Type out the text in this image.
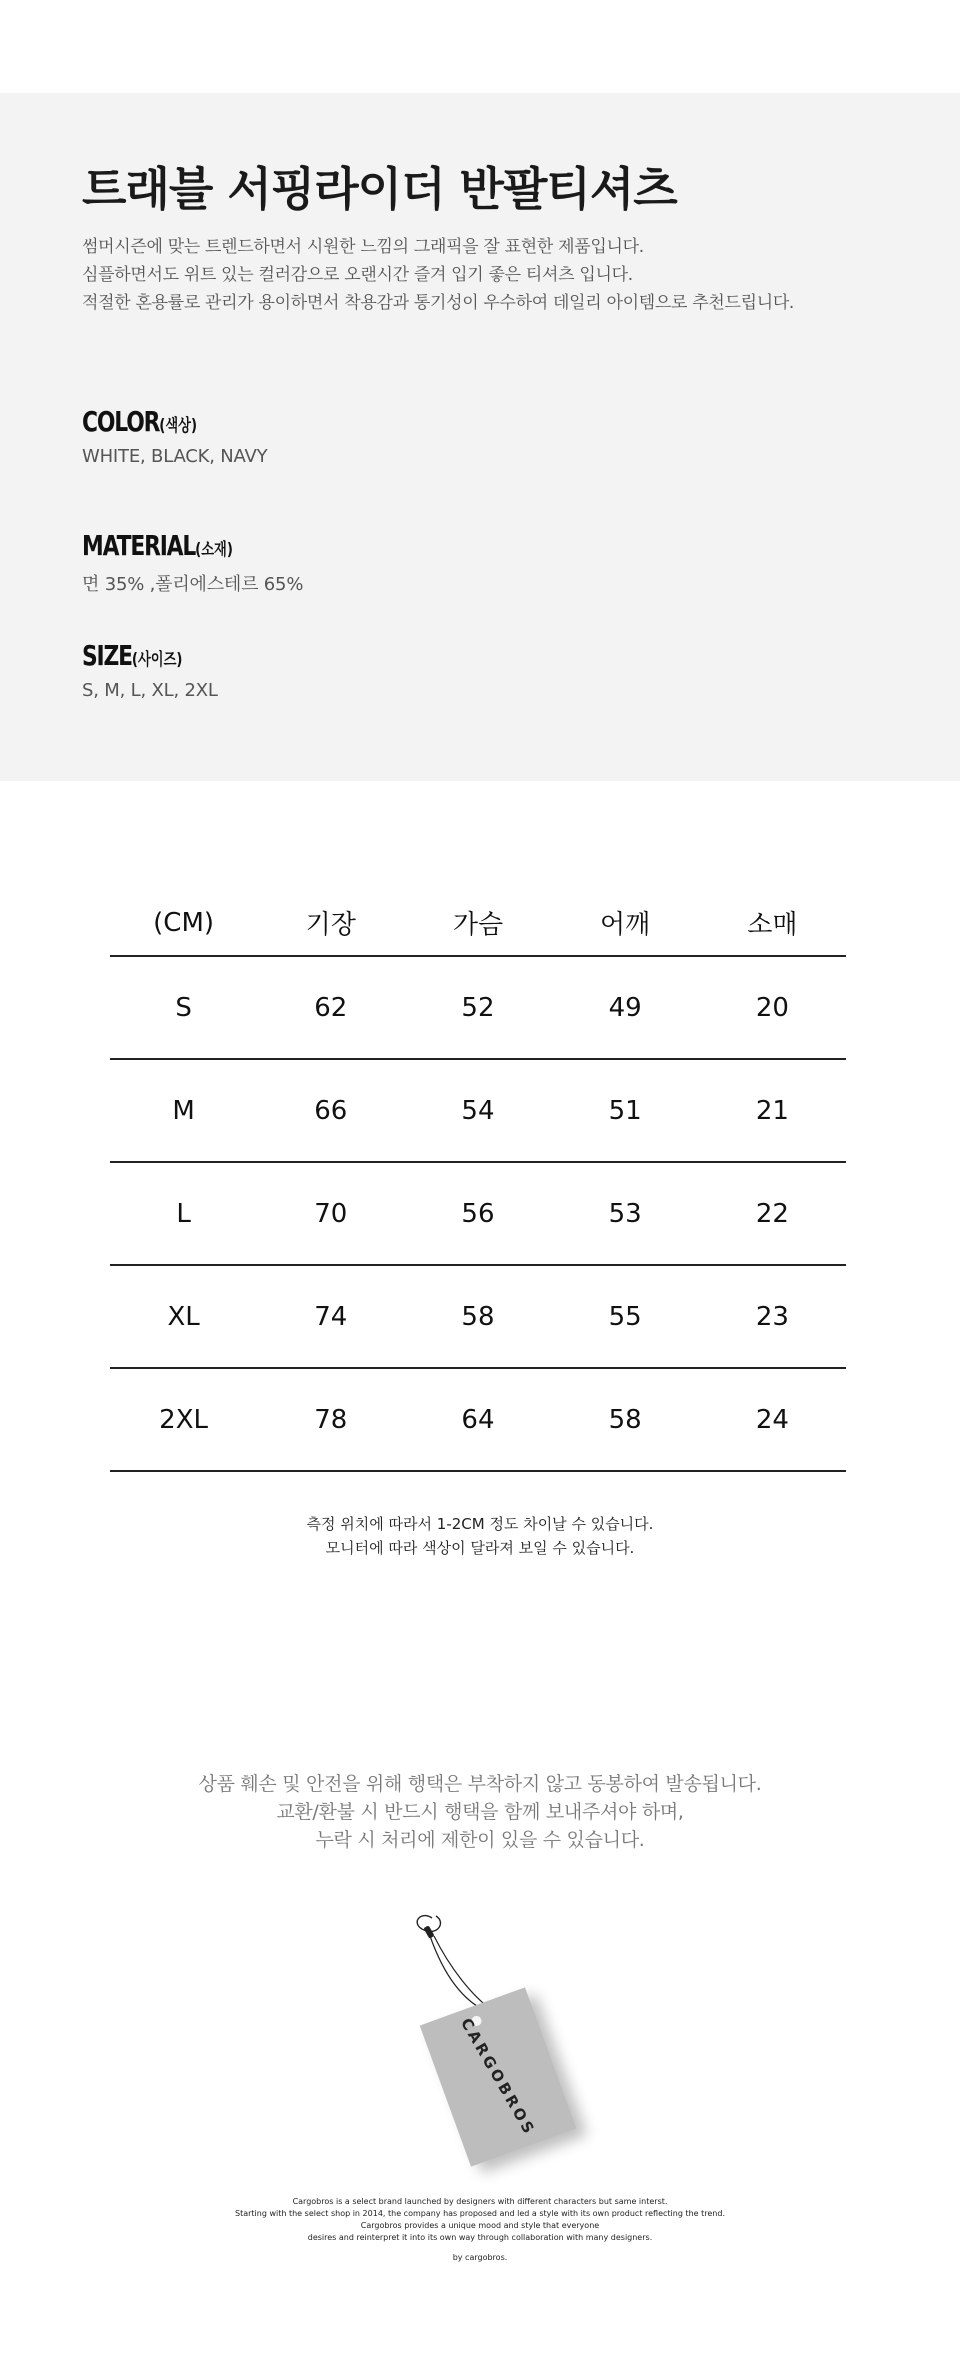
트래블 서핑라이더 반팔티셔츠

썸머시즌에 맞는 트렌드하면서 시원한 느낌의 그래픽을 잘 표현한 제품입니다.

심플하면서도 위트 있는 컬러감으로 오랜시간 즐겨 입기 좋은 티셔츠 입니다.

적절한 혼용률로 관리가 용이하면서 착용감과 통기성이 우수하여 데일리 아이템으로 추천드립니다.

COLOR(색상)
WHITE, BLACK, NAVY
MATERIAL(소재)
면 35% ,폴리에스테르 65%
SIZE(사이즈)
S, M, L, XL, 2XL
(CM)	기장	가슴	어깨	소매
S	62	52	49	20
M	66	54	51	21
L	70	56	53	22
XL	74	58	55	23
2XL	78	64	58	24

측정 위치에 따라서 1-2CM 정도 차이날 수 있습니다.

모니터에 따라 색상이 달라져 보일 수 있습니다.

상품 훼손 및 안전을 위해 행택은 부착하지 않고 동봉하여 발송됩니다.

교환/환불 시 반드시 행택을 함께 보내주셔야 하며,

누락 시 처리에 제한이 있을 수 있습니다.

CARGOBROS

Cargobros is a select brand launched by designers with different characters but same interst.

Starting with the select shop in 2014, the company has proposed and led a style with its own product reflecting the trend.

Cargobros provides a unique mood and style that everyone

desires and reinterpret it into its own way through collaboration with many designers.

by cargobros.
